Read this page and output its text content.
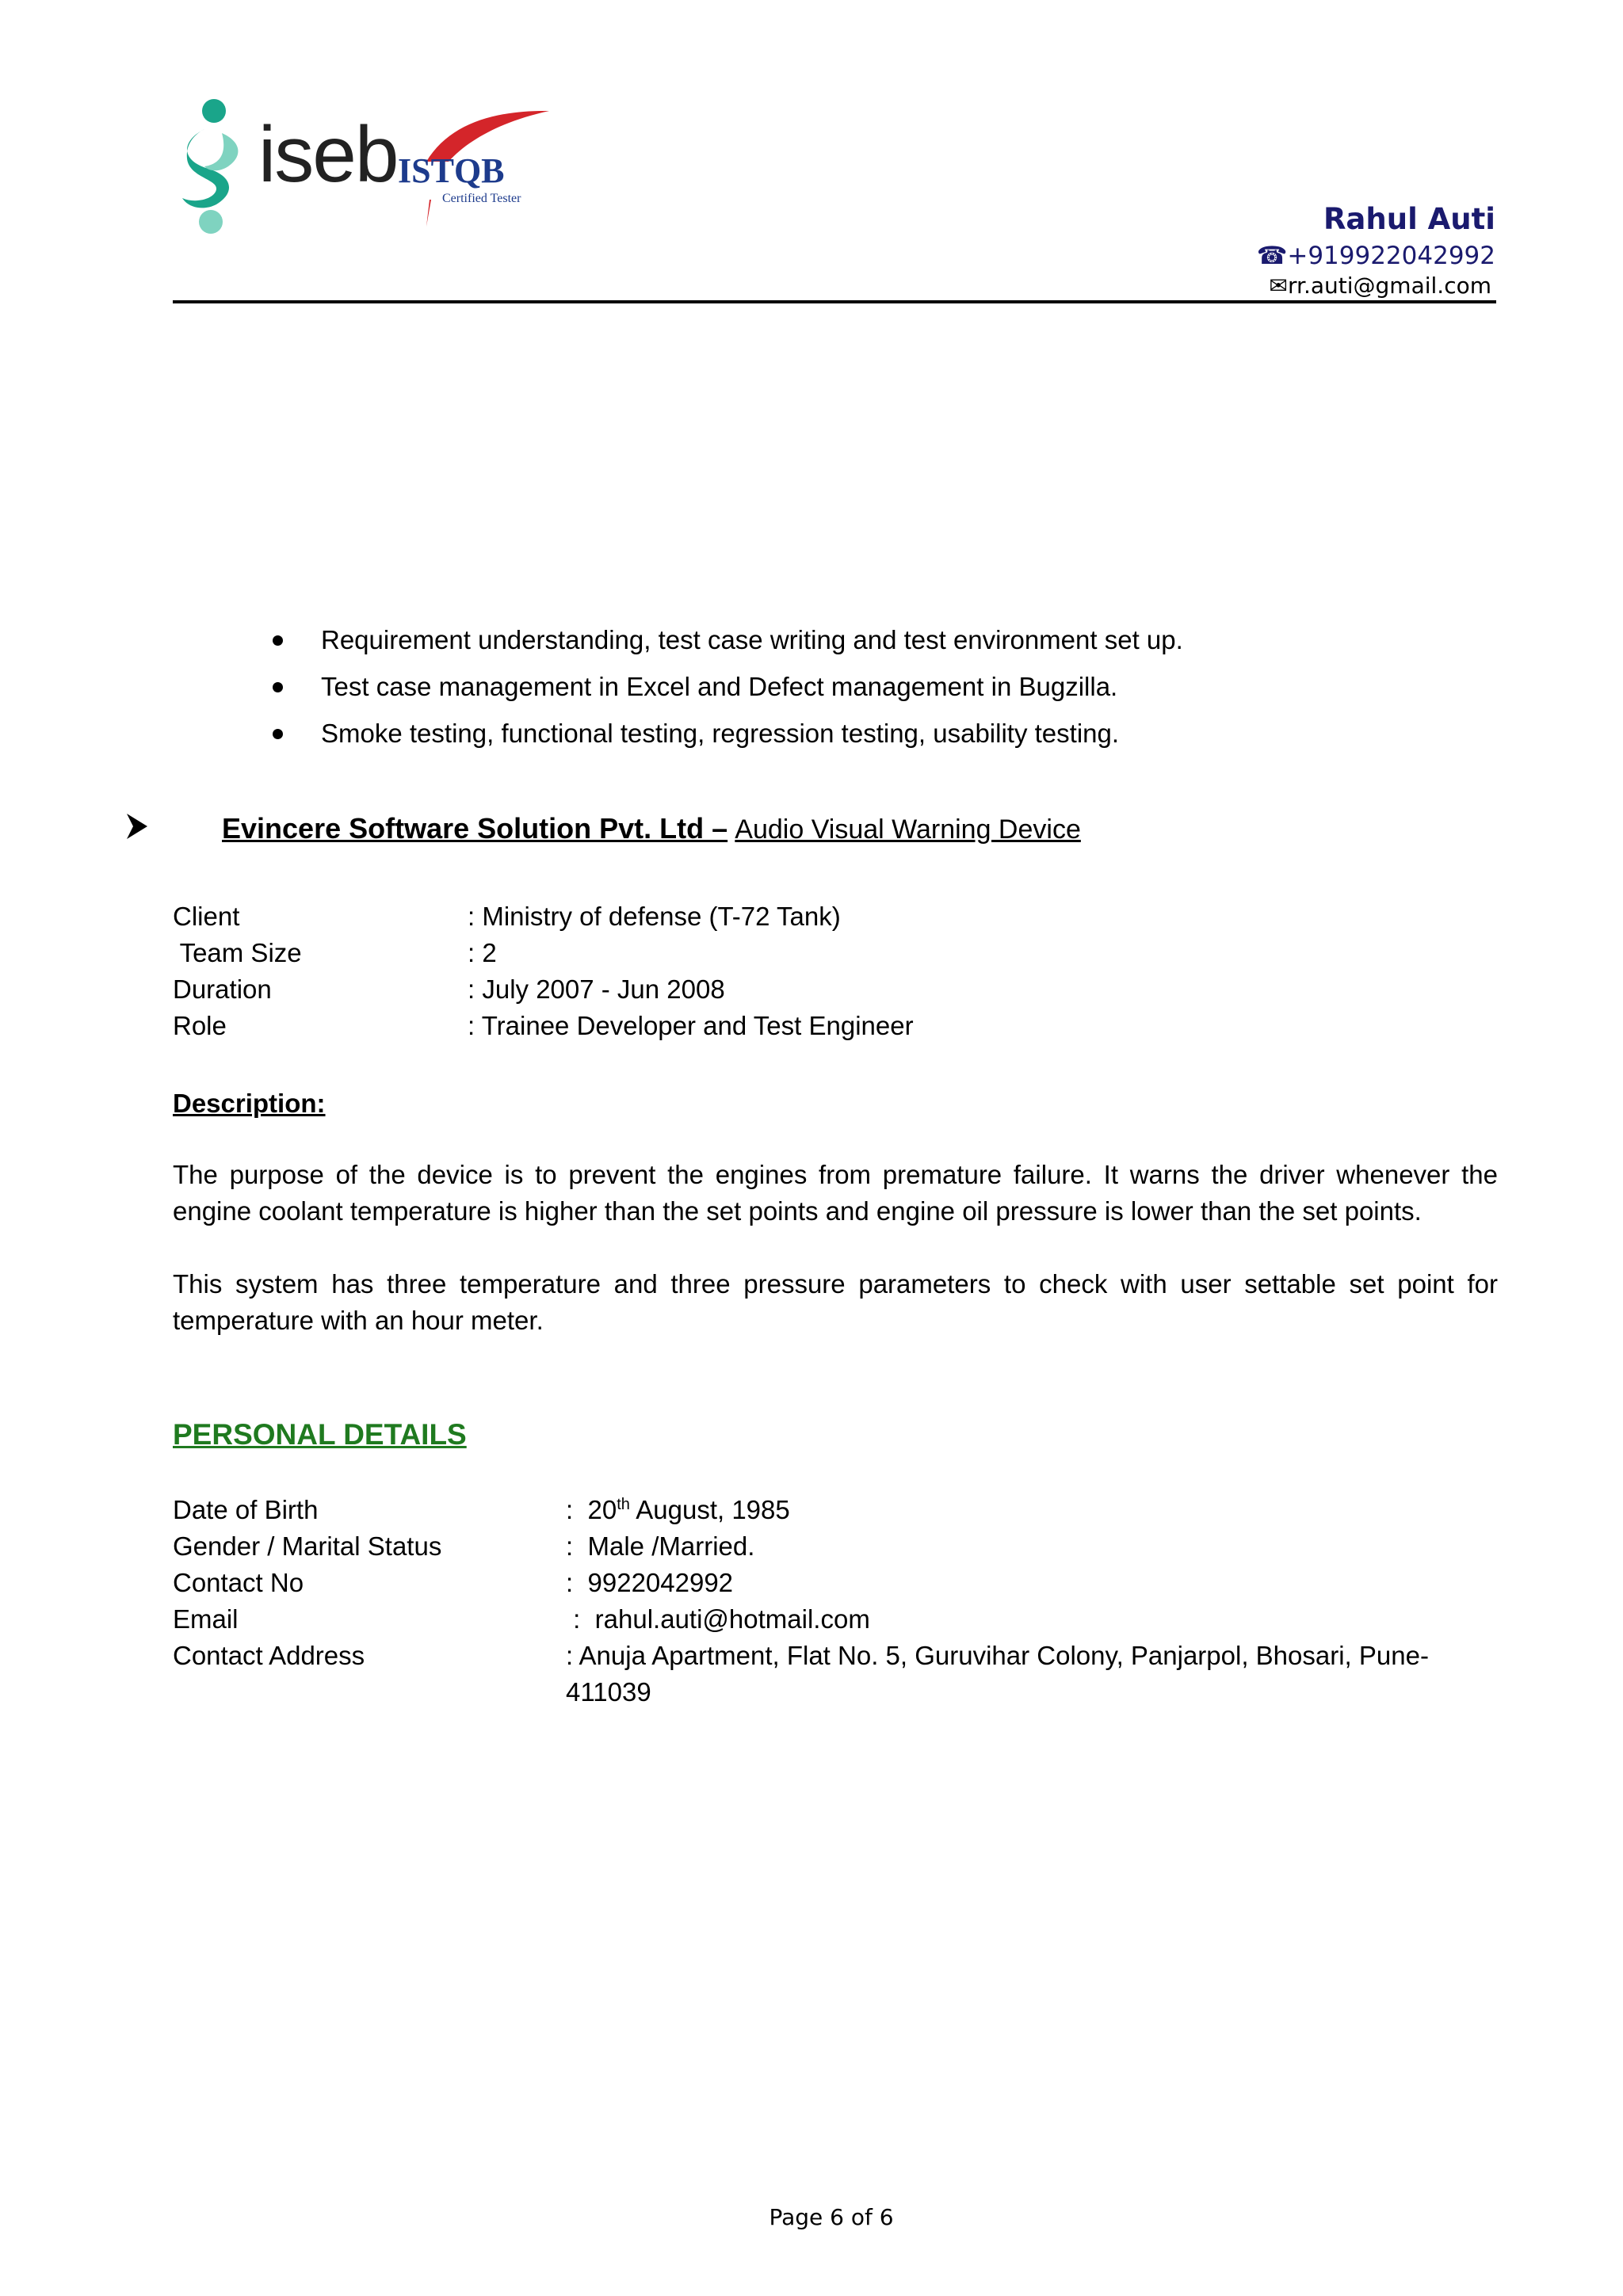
iseb ISTQB
Certified Tester
Rahul Auti
☎+919922042992
✉rr.auti@gmail.com
Requirement understanding, test case writing and test environment set up.
Test case management in Excel and Defect management in Bugzilla.
Smoke testing, functional testing, regression testing, usability testing.
Evincere Software Solution Pvt. Ltd – Audio Visual Warning Device
Client	: Ministry of defense (T-72 Tank)
Team Size	: 2
Duration	: July 2007 - Jun 2008
Role	: Trainee Developer and Test Engineer
Description:
The purpose of the device is to prevent the engines from premature failure. It warns the driver whenever the engine coolant temperature is higher than the set points and engine oil pressure is lower than the set points.
This system has three temperature and three pressure parameters to check with user settable set point for temperature with an hour meter.
PERSONAL DETAILS
Date of Birth	:  20th August, 1985
Gender / Marital Status	:  Male /Married.
Contact No	:  9922042992
Email	:  rahul.auti@hotmail.com
Contact Address	: Anuja Apartment, Flat No. 5, Guruvihar Colony, Panjarpol, Bhosari, Pune-411039
Page 6 of 6
